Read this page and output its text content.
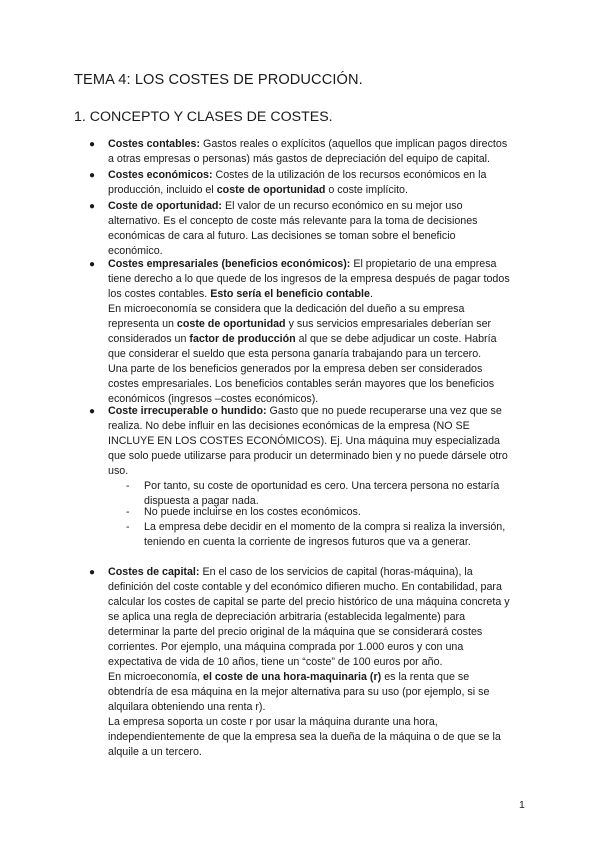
TEMA 4: LOS COSTES DE PRODUCCIÓN.
1. CONCEPTO Y CLASES DE COSTES.
● Costes contables: Gastos reales o explícitos (aquellos que implican pagos directos
a otras empresas o personas) más gastos de depreciación del equipo de capital.
● Costes económicos: Costes de la utilización de los recursos económicos en la
producción, incluido el coste de oportunidad o coste implícito.
● Coste de oportunidad: El valor de un recurso económico en su mejor uso
alternativo. Es el concepto de coste más relevante para la toma de decisiones
económicas de cara al futuro. Las decisiones se toman sobre el beneficio
económico.
● Costes empresariales (beneficios económicos): El propietario de una empresa
tiene derecho a lo que quede de los ingresos de la empresa después de pagar todos
los costes contables. Esto sería el beneficio contable.
En microeconomía se considera que la dedicación del dueño a su empresa
representa un coste de oportunidad y sus servicios empresariales deberían ser
considerados un factor de producción al que se debe adjudicar un coste. Habría
que considerar el sueldo que esta persona ganaría trabajando para un tercero.
Una parte de los beneficios generados por la empresa deben ser considerados
costes empresariales. Los beneficios contables serán mayores que los beneficios
económicos (ingresos –costes económicos).
● Coste irrecuperable o hundido: Gasto que no puede recuperarse una vez que se
realiza. No debe influir en las decisiones económicas de la empresa (NO SE
INCLUYE EN LOS COSTES ECONÓMICOS). Ej. Una máquina muy especializada
que solo puede utilizarse para producir un determinado bien y no puede dársele otro
uso.
● Costes de capital: En el caso de los servicios de capital (horas-máquina), la
definición del coste contable y del económico difieren mucho. En contabilidad, para
calcular los costes de capital se parte del precio histórico de una máquina concreta y
se aplica una regla de depreciación arbitraria (establecida legalmente) para
determinar la parte del precio original de la máquina que se considerará costes
corrientes. Por ejemplo, una máquina comprada por 1.000 euros y con una
expectativa de vida de 10 años, tiene un “coste” de 100 euros por año.
En microeconomía, el coste de una hora-maquinaria (r) es la renta que se
obtendría de esa máquina en la mejor alternativa para su uso (por ejemplo, si se
alquilara obteniendo una renta r).
La empresa soporta un coste r por usar la máquina durante una hora,
independientemente de que la empresa sea la dueña de la máquina o de que se la
alquile a un tercero.
- Por tanto, su coste de oportunidad es cero. Una tercera persona no estaría
dispuesta a pagar nada.
- No puede incluirse en los costes económicos.
- La empresa debe decidir en el momento de la compra si realiza la inversión,
teniendo en cuenta la corriente de ingresos futuros que va a generar.
1
